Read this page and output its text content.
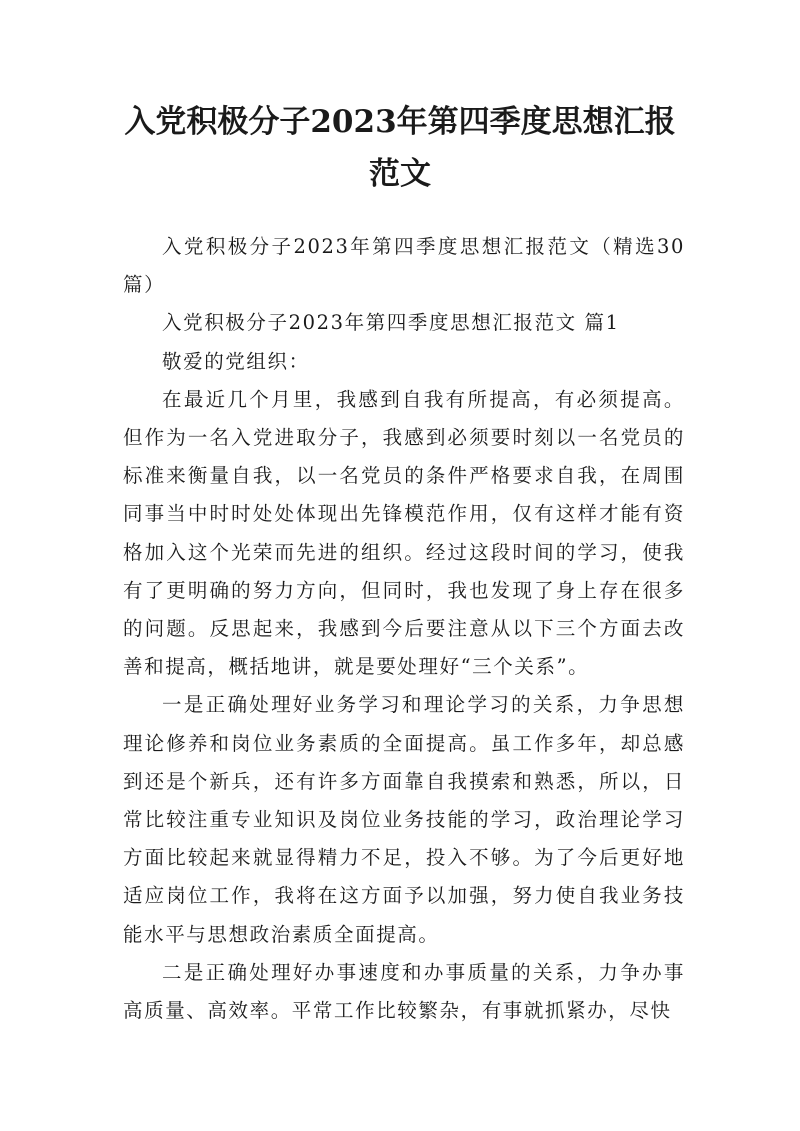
入党积极分子2023年第四季度思想汇报范文

入党积极分子2023年第四季度思想汇报范文（精选30篇）

入党积极分子2023年第四季度思想汇报范文 篇1

敬爱的党组织：

在最近几个月里，我感到自我有所提高，有必须提高。但作为一名入党进取分子，我感到必须要时刻以一名党员的标准来衡量自我，以一名党员的条件严格要求自我，在周围同事当中时时处处体现出先锋模范作用，仅有这样才能有资格加入这个光荣而先进的组织。经过这段时间的学习，使我有了更明确的努力方向，但同时，我也发现了身上存在很多的问题。反思起来，我感到今后要注意从以下三个方面去改善和提高，概括地讲，就是要处理好“三个关系”。

一是正确处理好业务学习和理论学习的关系，力争思想理论修养和岗位业务素质的全面提高。虽工作多年，却总感到还是个新兵，还有许多方面靠自我摸索和熟悉，所以，日常比较注重专业知识及岗位业务技能的学习，政治理论学习方面比较起来就显得精力不足，投入不够。为了今后更好地适应岗位工作，我将在这方面予以加强，努力使自我业务技能水平与思想政治素质全面提高。

二是正确处理好办事速度和办事质量的关系，力争办事高质量、高效率。平常工作比较繁杂，有事就抓紧办，尽快
